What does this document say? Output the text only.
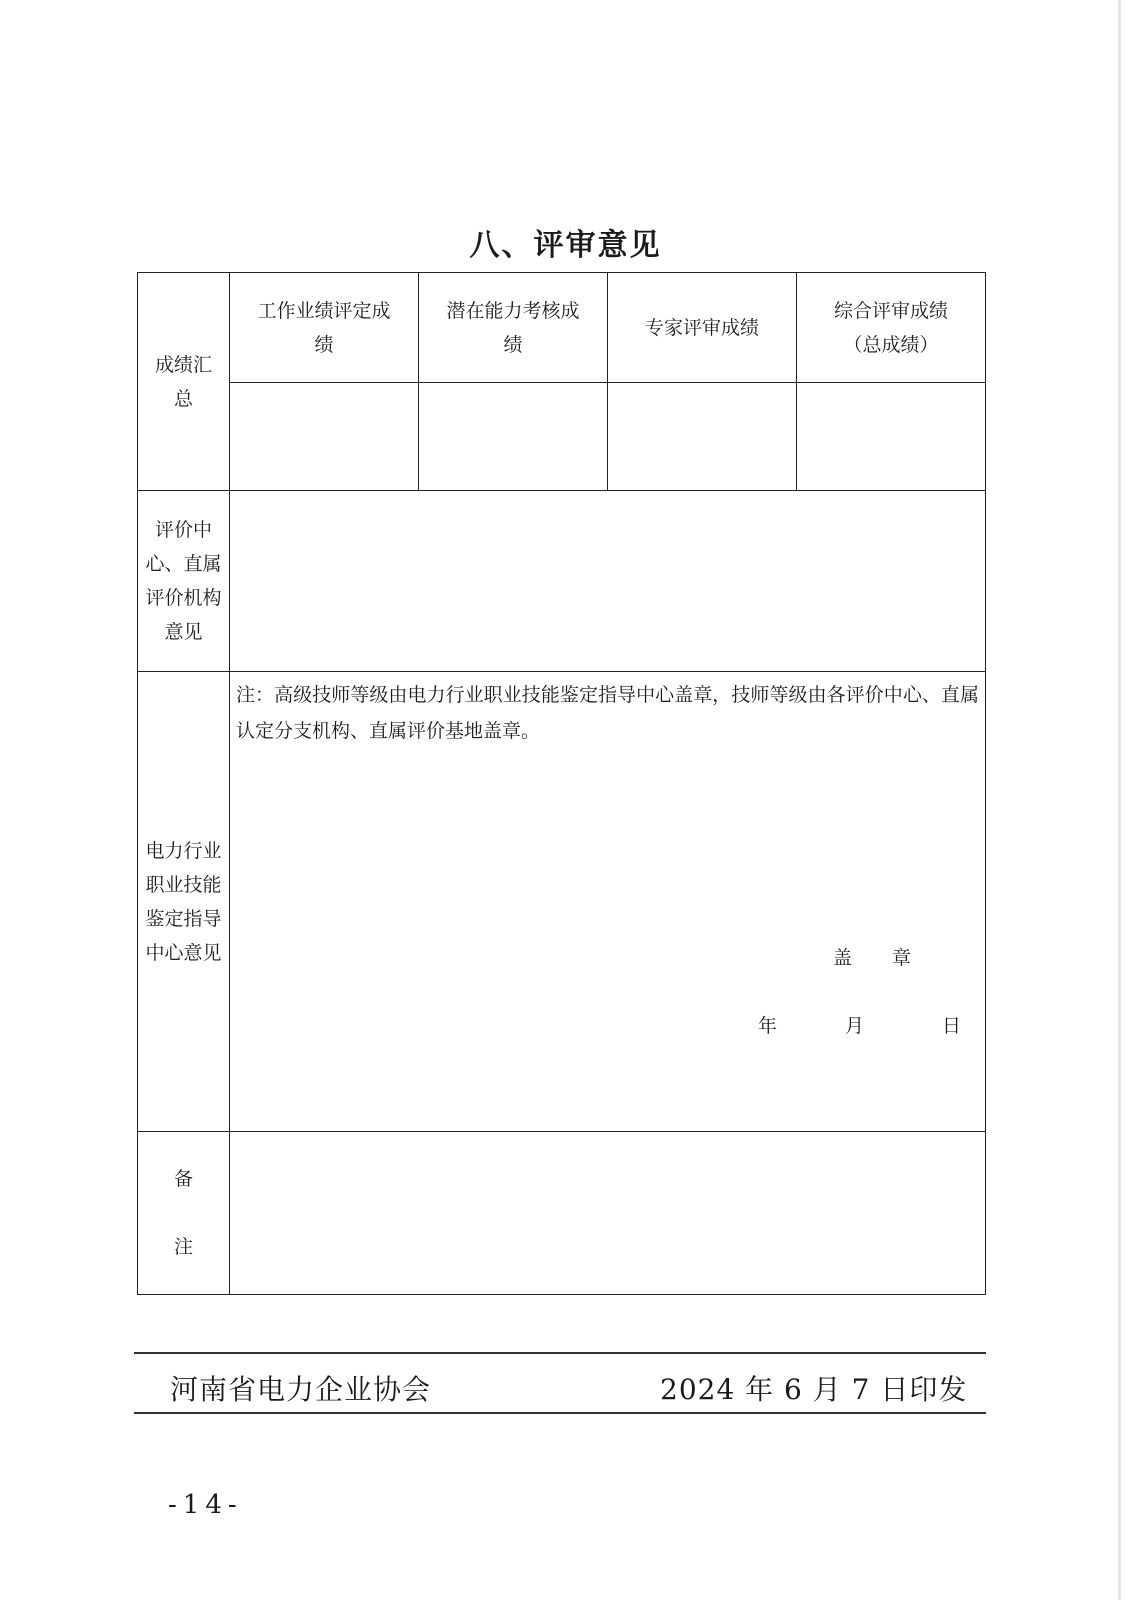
八、评审意见
成绩汇总	工作业绩评定成绩	潜在能力考核成绩	专家评审成绩	综合评审成绩（总成绩）

评价中心、直属评价机构意见				
电力行业职业技能鉴定指导中心意见	注：高级技师等级由电力行业职业技能鉴定指导中心盖章，技师等级由各评价中心、直属认定分支机构、直属评价基地盖章。
盖 章
年 月 日			

备
注				

河南省电力企业协会	2024 年 6 月 7 日印发
-14-
